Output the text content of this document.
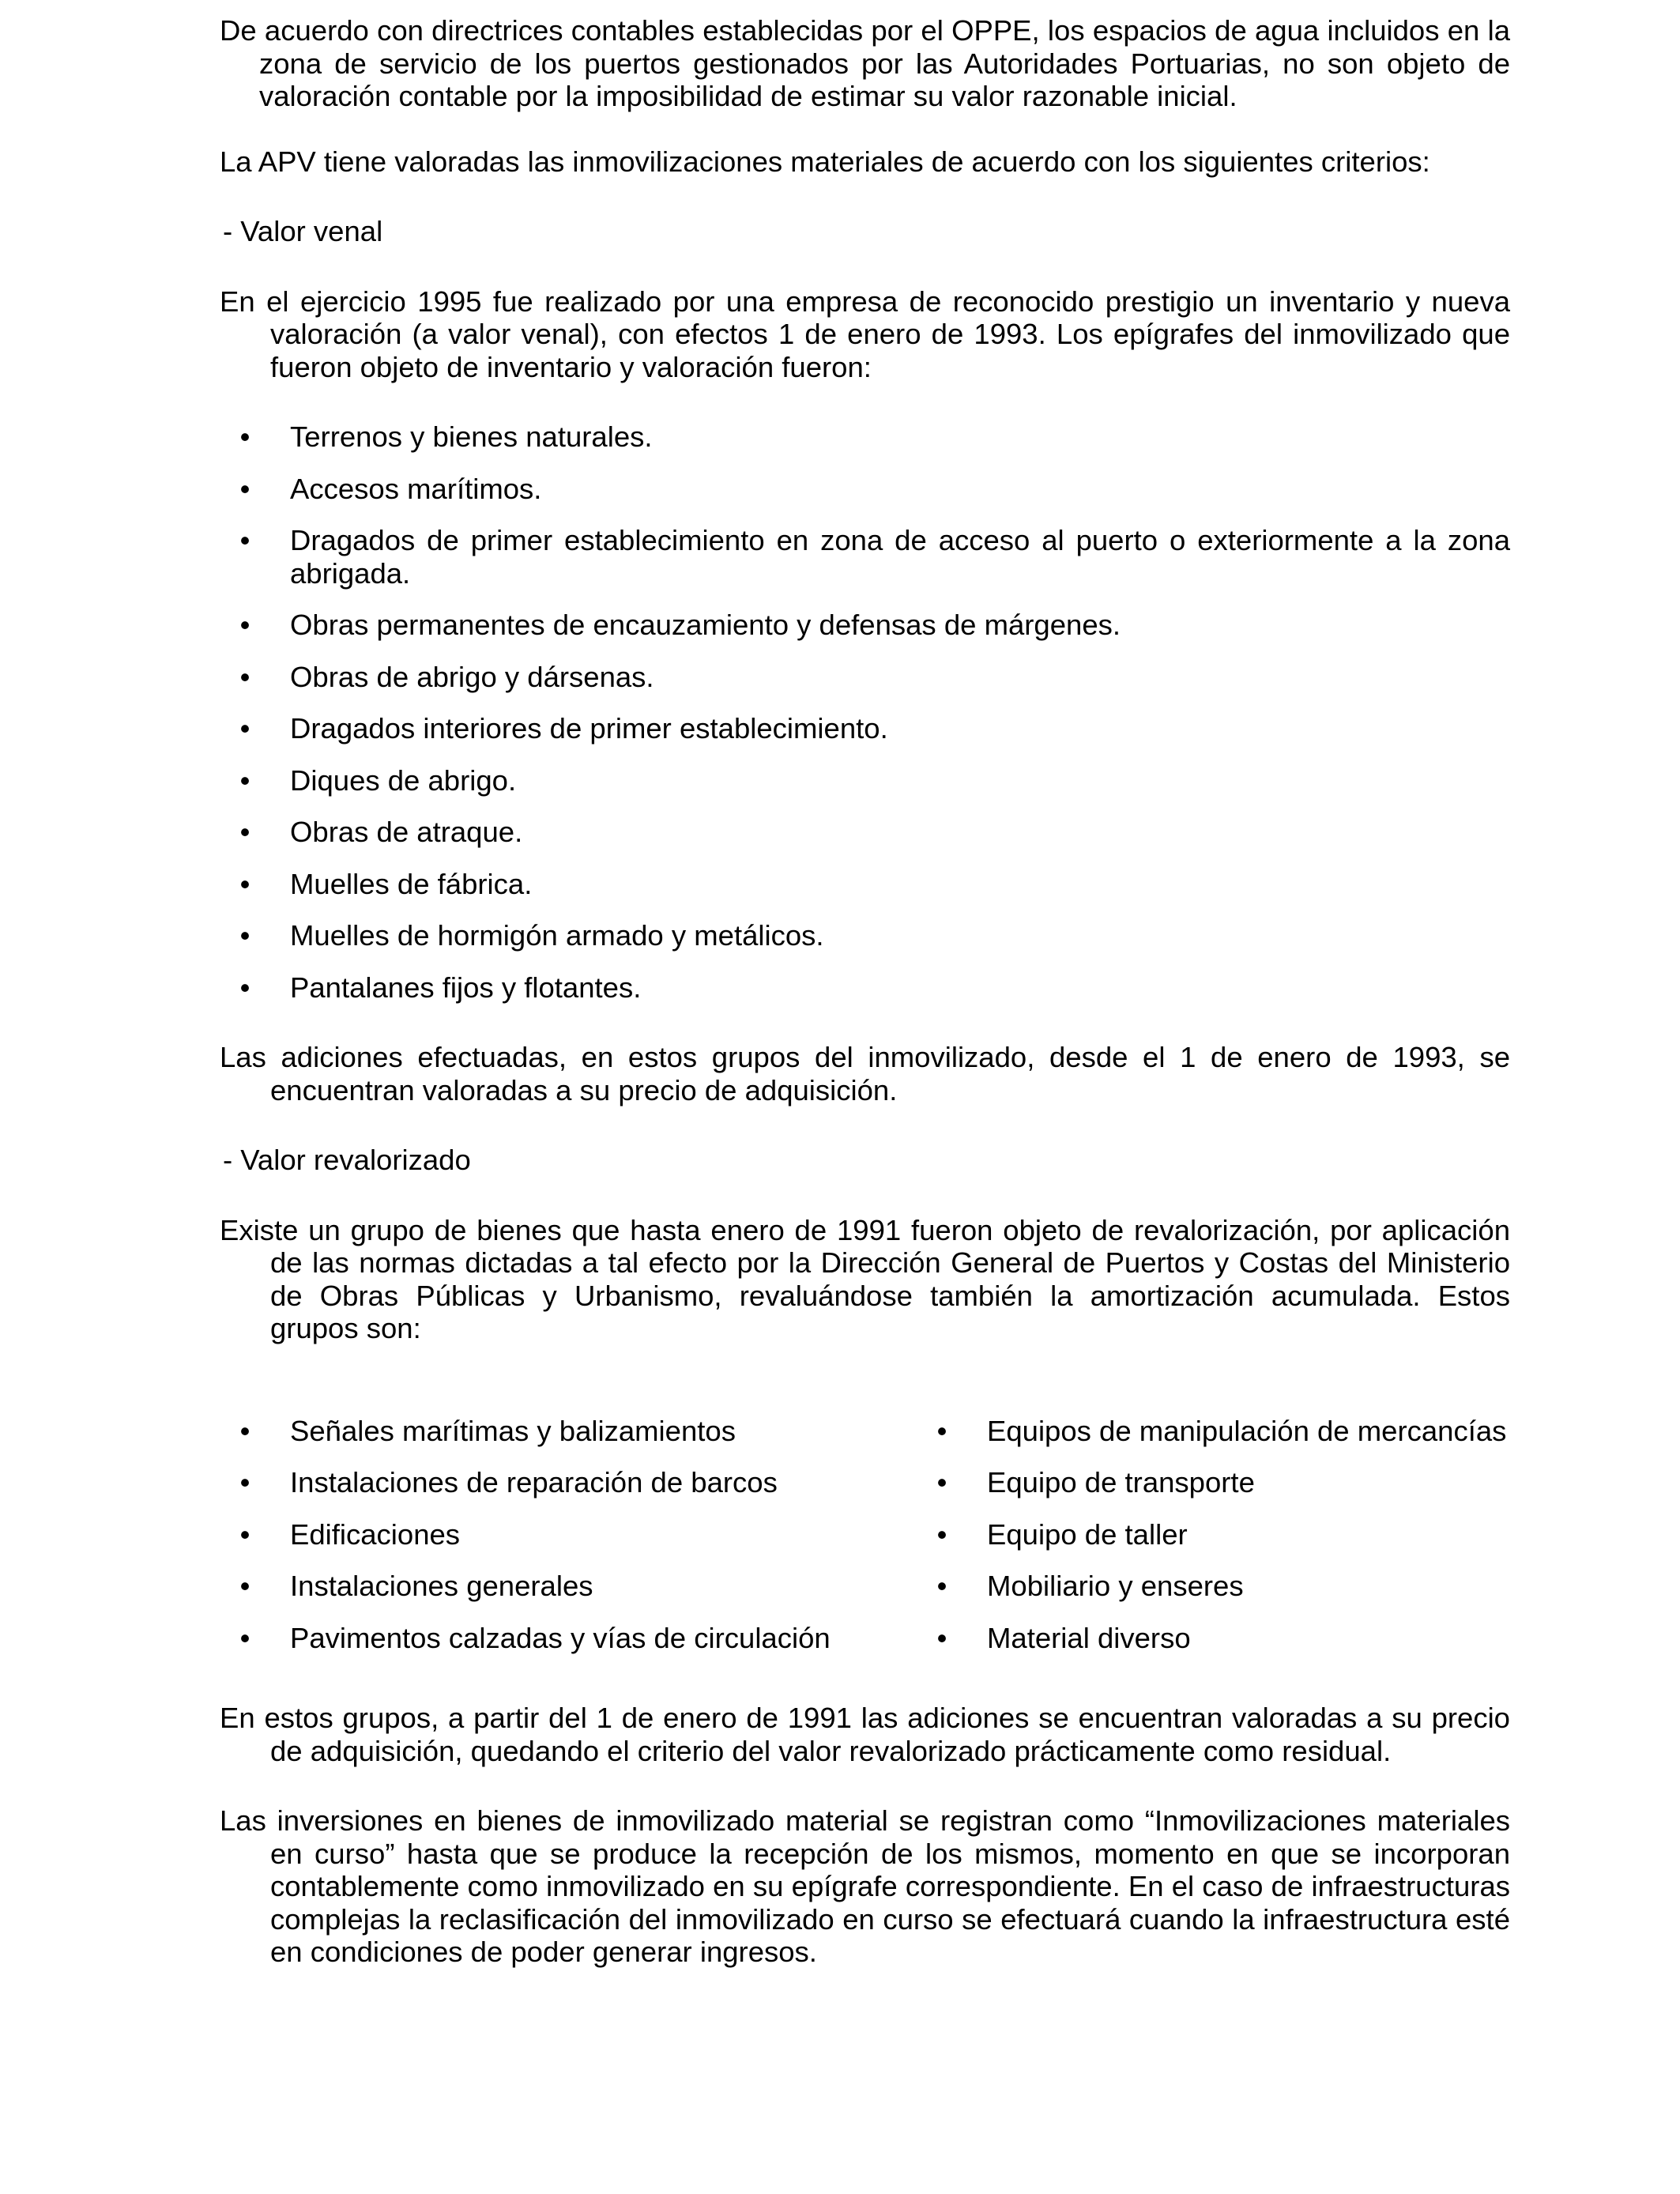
De acuerdo con directrices contables establecidas por el OPPE, los espacios de agua incluidos en la zona de servicio de los puertos gestionados por las Autoridades Portuarias, no son objeto de valoración contable por la imposibilidad de estimar su valor razonable inicial.

La APV tiene valoradas las inmovilizaciones materiales de acuerdo con los siguientes criterios:

- Valor venal

En el ejercicio 1995 fue realizado por una empresa de reconocido prestigio un inventario y nueva valoración (a valor venal), con efectos 1 de enero de 1993. Los epígrafes del inmovilizado que fueron objeto de inventario y valoración fueron:

• Terrenos y bienes naturales.
• Accesos marítimos.
• Dragados de primer establecimiento en zona de acceso al puerto o exteriormente a la zona abrigada.
• Obras permanentes de encauzamiento y defensas de márgenes.
• Obras de abrigo y dársenas.
• Dragados interiores de primer establecimiento.
• Diques de abrigo.
• Obras de atraque.
• Muelles de fábrica.
• Muelles de hormigón armado y metálicos.
• Pantalanes fijos y flotantes.

Las adiciones efectuadas, en estos grupos del inmovilizado, desde el 1 de enero de 1993, se encuentran valoradas a su precio de adquisición.

- Valor revalorizado

Existe un grupo de bienes que hasta enero de 1991 fueron objeto de revalorización, por aplicación de las normas dictadas a tal efecto por la Dirección General de Puertos y Costas del Ministerio de Obras Públicas y Urbanismo, revaluándose también la amortización acumulada. Estos grupos son:

• Señales marítimas y balizamientos
• Instalaciones de reparación de barcos
• Edificaciones
• Instalaciones generales
• Pavimentos calzadas y vías de circulación
• Equipos de manipulación de mercancías
• Equipo de transporte
• Equipo de taller
• Mobiliario y enseres
• Material diverso

En estos grupos, a partir del 1 de enero de 1991 las adiciones se encuentran valoradas a su precio de adquisición, quedando el criterio del valor revalorizado prácticamente como residual.

Las inversiones en bienes de inmovilizado material se registran como “Inmovilizaciones materiales en curso” hasta que se produce la recepción de los mismos, momento en que se incorporan contablemente como inmovilizado en su epígrafe correspondiente. En el caso de infraestructuras complejas la reclasificación del inmovilizado en curso se efectuará cuando la infraestructura esté en condiciones de poder generar ingresos.
